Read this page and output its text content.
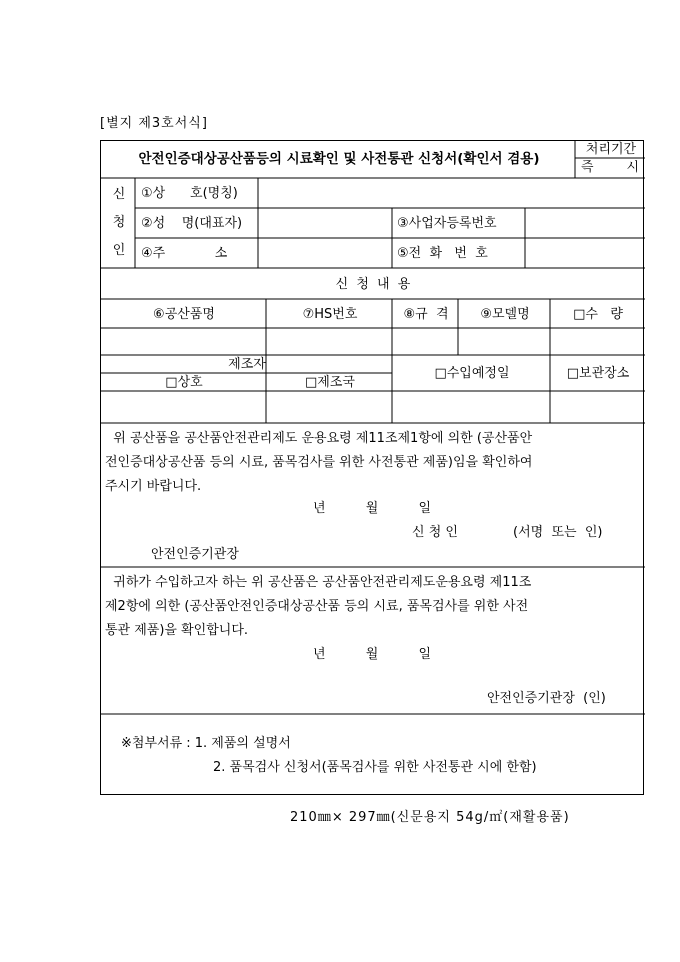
[별지 제3호서식]
안전인증대상공산품등의 시료확인 및 사전통관 신청서(확인서 겸용)
처리기간
즉	시
신
청
인
①상      호(명칭)
②성    명(대표자)	③사업자등록번호
④주            소	⑤전  화   번  호
신 청 내 용
⑥공산품명	⑦HS번호	⑧규  격 ⑨모델명	□수   량
제조자
□상호	□제조국
□수입예정일	□보관장소
위 공산품을 공산품안전관리제도 운용요령 제11조제1항에 의한 (공산품안
전인증대상공산품 등의 시료, 품목검사를 위한 사전통관 제품)임을 확인하여
주시기 바랍니다.
년	월	일
신 청 인	(서명  또는  인)
안전인증기관장
귀하가 수입하고자 하는 위 공산품은 공산품안전관리제도운용요령 제11조
제2항에 의한 (공산품안전인증대상공산품 등의 시료, 품목검사를 위한 사전
통관 제품)을 확인합니다.
년	월	일
안전인증기관장  (인)
※첨부서류 : 1. 제품의 설명서
2. 품목검사 신청서(품목검사를 위한 사전통관 시에 한함)
210㎜× 297㎜(신문용지 54g/㎡(재활용품)
